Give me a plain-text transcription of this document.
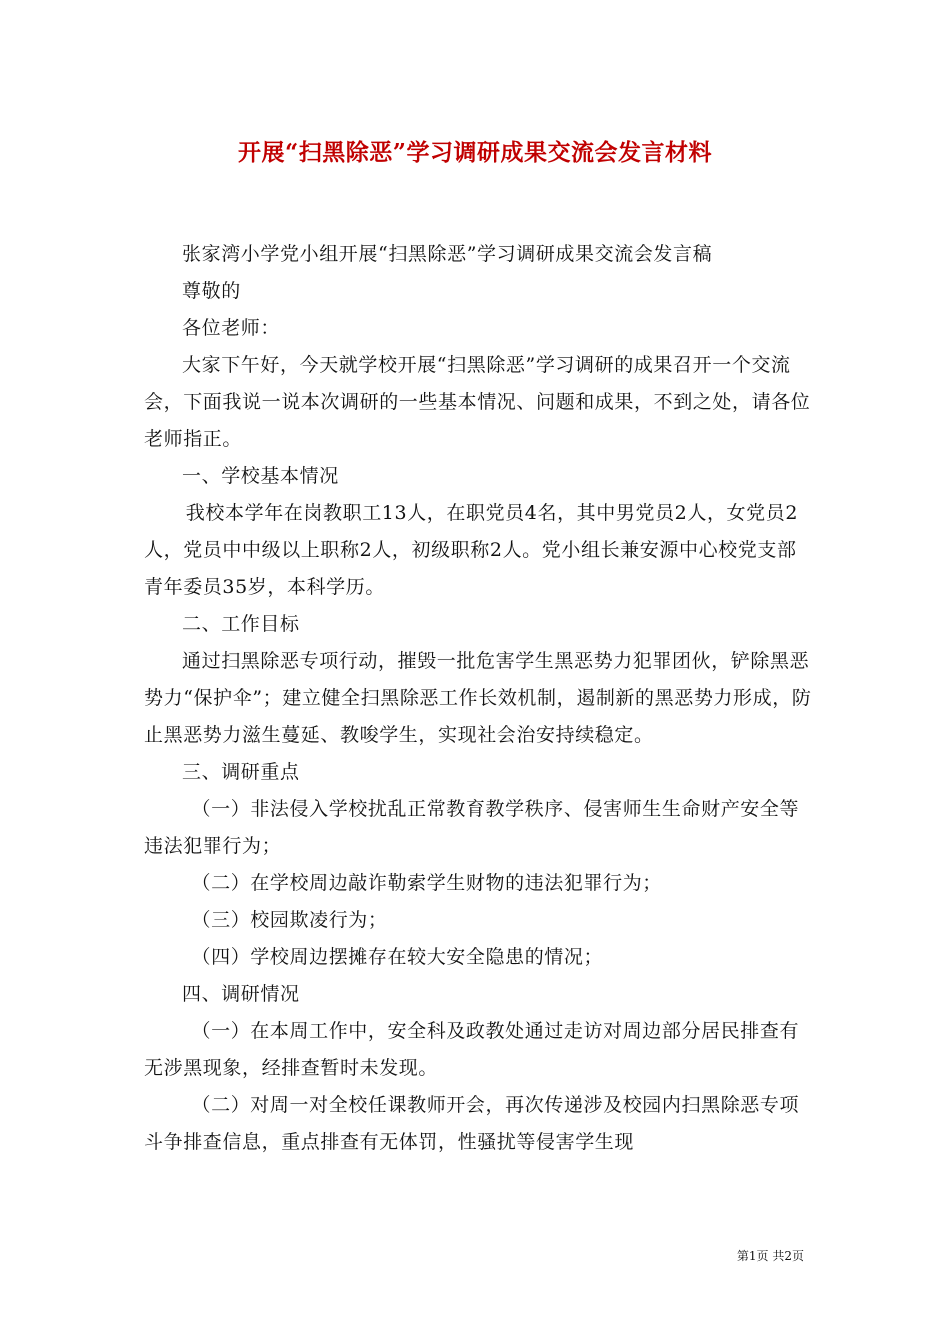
开展“扫黑除恶”学习调研成果交流会发言材料

张家湾小学党小组开展“扫黑除恶”学习调研成果交流会发言稿

尊敬的

各位老师：

大家下午好，今天就学校开展“扫黑除恶”学习调研的成果召开一个交流会，下面我说一说本次调研的一些基本情况、问题和成果，不到之处，请各位老师指正。

一、学校基本情况

我校本学年在岗教职工13人，在职党员4名，其中男党员2人，女党员2人，党员中中级以上职称2人，初级职称2人。党小组长兼安源中心校党支部青年委员35岁，本科学历。

二、工作目标

通过扫黑除恶专项行动，摧毁一批危害学生黑恶势力犯罪团伙，铲除黑恶势力“保护伞”；建立健全扫黑除恶工作长效机制，遏制新的黑恶势力形成，防止黑恶势力滋生蔓延、教唆学生，实现社会治安持续稳定。

三、调研重点

（一）非法侵入学校扰乱正常教育教学秩序、侵害师生生命财产安全等违法犯罪行为；

（二）在学校周边敲诈勒索学生财物的违法犯罪行为；

（三）校园欺凌行为；

（四）学校周边摆摊存在较大安全隐患的情况；

四、调研情况

（一）在本周工作中，安全科及政教处通过走访对周边部分居民排查有无涉黑现象，经排查暂时未发现。

（二）对周一对全校任课教师开会，再次传递涉及校园内扫黑除恶专项斗争排查信息，重点排查有无体罚，性骚扰等侵害学生现

第1页 共2页
